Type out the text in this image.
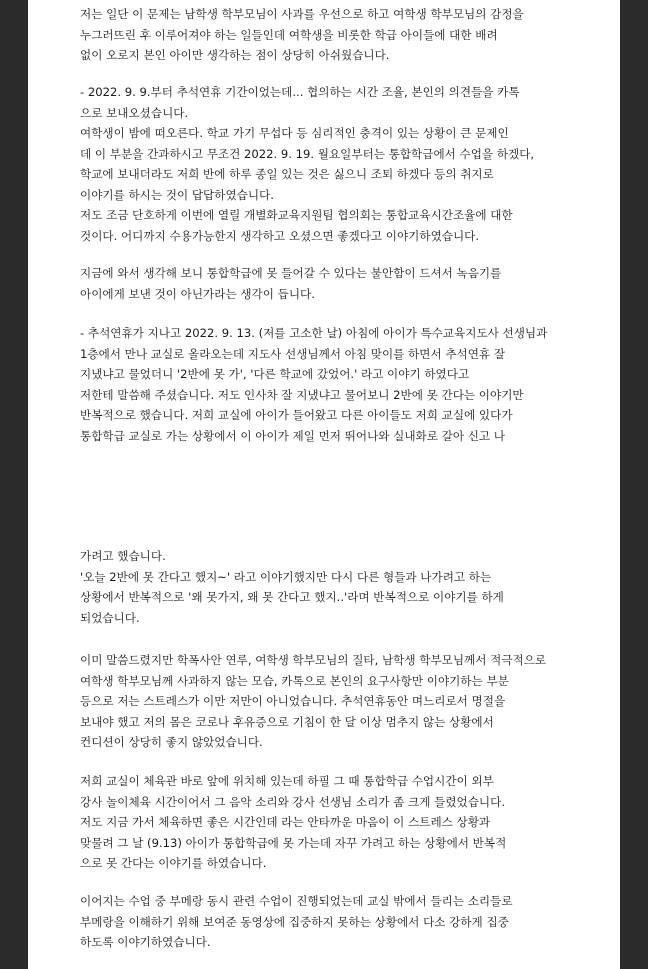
저는 일단 이 문제는 남학생 학부모님이 사과를 우선으로 하고 여학생 학부모님의 감정을
누그러뜨린 후 이루어져야 하는 일들인데 여학생을 비롯한 학급 아이들에 대한 배려
없이 오로지 본인 아이만 생각하는 점이 상당히 아쉬웠습니다.
- 2022. 9. 9.부터 추석연휴 기간이었는데... 협의하는 시간 조율, 본인의 의견들을 카톡
으로 보내오셨습니다.
여학생이 밤에 떠오른다. 학교 가기 무섭다 등 심리적인 충격이 있는 상황이 큰 문제인
데 이 부분을 간과하시고 무조건 2022. 9. 19. 월요일부터는 통합학급에서 수업을 하겠다,
학교에 보내더라도 저희 반에 하루 종일 있는 것은 싫으니 조퇴 하겠다 등의 취지로
이야기를 하시는 것이 답답하였습니다.
저도 조금 단호하게 이번에 열릴 개별화교육지원팀 협의회는 통합교육시간조율에 대한
것이다. 어디까지 수용가능한지 생각하고 오셨으면 좋겠다고 이야기하였습니다.
지금에 와서 생각해 보니 통합학급에 못 들어갈 수 있다는 불안함이 드셔서 녹음기를
아이에게 보낸 것이 아닌가라는 생각이 듭니다.
- 추석연휴가 지나고 2022. 9. 13. (저를 고소한 날) 아침에 아이가 특수교육지도사 선생님과
1층에서 만나 교실로 올라오는데 지도사 선생님께서 아침 맞이를 하면서 추석연휴 잘
지냈냐고 물었더니 '2반에 못 가', '다른 학교에 갔었어.' 라고 이야기 하였다고
저한테 말씀해 주셨습니다. 저도 인사차 잘 지냈냐고 물어보니 2반에 못 간다는 이야기만
반복적으로 했습니다. 저희 교실에 아이가 들어왔고 다른 아이들도 저희 교실에 있다가
통합학급 교실로 가는 상황에서 이 아이가 제일 먼저 뛰어나와 실내화로 갈아 신고 나
가려고 했습니다.
'오늘 2반에 못 간다고 했지~' 라고 이야기했지만 다시 다른 형들과 나가려고 하는
상황에서 반복적으로 '왜 못가지, 왜 못 간다고 했지..'라며 반복적으로 이야기를 하게
되었습니다.
이미 말씀드렸지만 학폭사안 연루, 여학생 학부모님의 질타, 남학생 학부모님께서 적극적으로
여학생 학부모님께 사과하지 않는 모습, 카톡으로 본인의 요구사항만 이야기하는 부분
등으로 저는 스트레스가 이만 저만이 아니었습니다. 추석연휴동안 며느리로서 명절을
보내야 했고 저의 몸은 코로나 후유증으로 기침이 한 달 이상 멈추지 않는 상황에서
컨디션이 상당히 좋지 않았었습니다.
저희 교실이 체육관 바로 앞에 위치해 있는데 하필 그 때 통합학급 수업시간이 외부
강사 놀이체육 시간이어서 그 음악 소리와 강사 선생님 소리가 좀 크게 들렸었습니다.
저도 지금 가서 체육하면 좋은 시간인데 라는 안타까운 마음이 이 스트레스 상황과
맞물려 그 날 (9.13) 아이가 통합학급에 못 가는데 자꾸 가려고 하는 상황에서 반복적
으로 못 간다는 이야기를 하였습니다.
이어지는 수업 중 부메랑 동시 관련 수업이 진행되었는데 교실 밖에서 들리는 소리들로
부메랑을 이해하기 위해 보여준 동영상에 집중하지 못하는 상황에서 다소 강하게 집중
하도록 이야기하였습니다.
